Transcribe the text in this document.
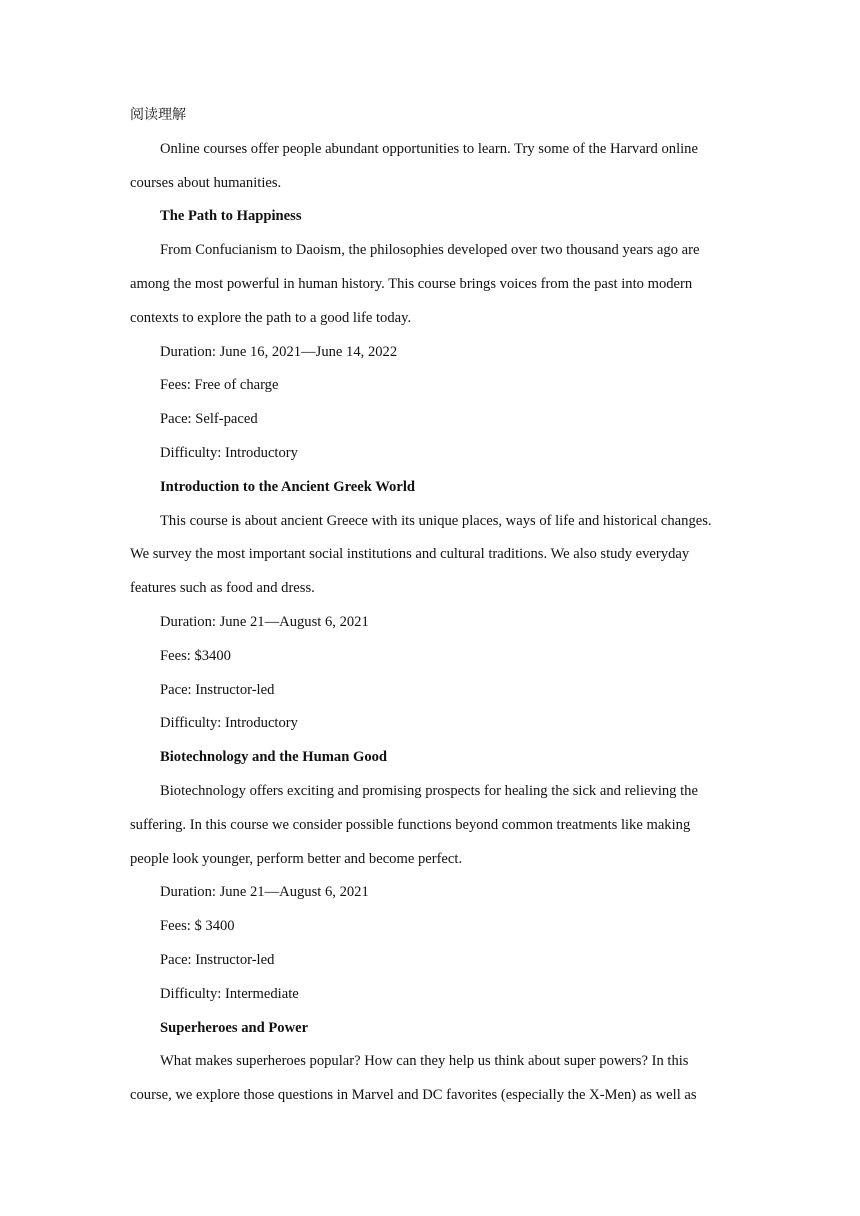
阅读理解
Online courses offer people abundant opportunities to learn. Try some of the Harvard online
courses about humanities.
The Path to Happiness
From Confucianism to Daoism, the philosophies developed over two thousand years ago are
among the most powerful in human history. This course brings voices from the past into modern
contexts to explore the path to a good life today.
Duration: June 16, 2021—June 14, 2022
Fees: Free of charge
Pace: Self-paced
Difficulty: Introductory
Introduction to the Ancient Greek World
This course is about ancient Greece with its unique places, ways of life and historical changes.
We survey the most important social institutions and cultural traditions. We also study everyday
features such as food and dress.
Duration: June 21—August 6, 2021
Fees: $3400
Pace: Instructor-led
Difficulty: Introductory
Biotechnology and the Human Good
Biotechnology offers exciting and promising prospects for healing the sick and relieving the
suffering. In this course we consider possible functions beyond common treatments like making
people look younger, perform better and become perfect.
Duration: June 21—August 6, 2021
Fees: $ 3400
Pace: Instructor-led
Difficulty: Intermediate
Superheroes and Power
What makes superheroes popular? How can they help us think about super powers? In this
course, we explore those questions in Marvel and DC favorites (especially the X-Men) as well as
